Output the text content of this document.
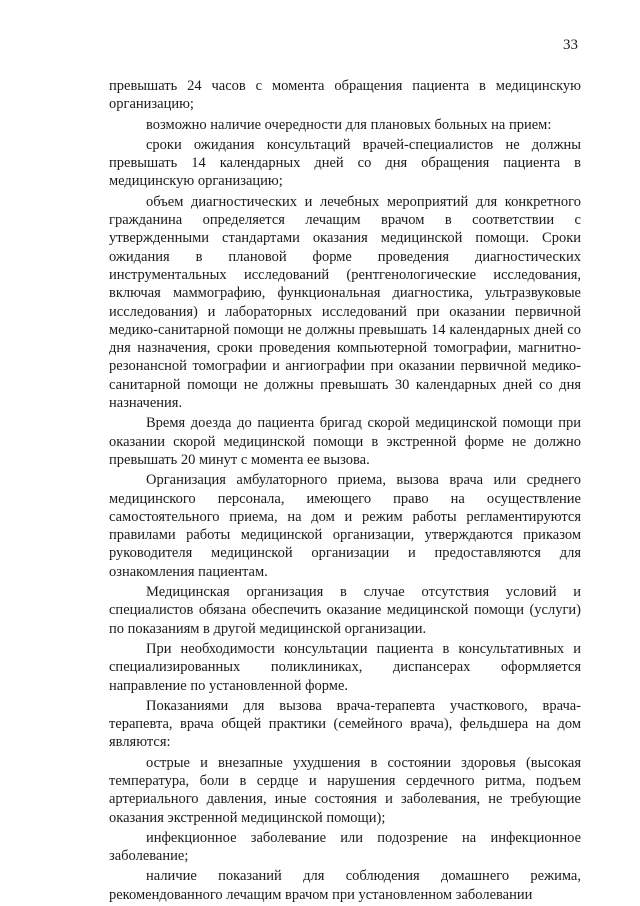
33

превышать 24 часов с момента обращения пациента в медицинскую организацию;

возможно наличие очередности для плановых больных на прием:

сроки ожидания консультаций врачей-специалистов не должны превышать 14 календарных дней со дня обращения пациента в медицинскую организацию;

объем диагностических и лечебных мероприятий для конкретного гражданина определяется лечащим врачом в соответствии с утвержденными стандартами оказания медицинской помощи. Сроки ожидания в плановой форме проведения диагностических инструментальных исследований (рентгенологические исследования, включая маммографию, функциональная диагностика, ультразвуковые исследования) и лабораторных исследований при оказании первичной медико-санитарной помощи не должны превышать 14 календарных дней со дня назначения, сроки проведения компьютерной томографии, магнитно-резонансной томографии и ангиографии при оказании первичной медико-санитарной помощи не должны превышать 30 календарных дней со дня назначения.

Время доезда до пациента бригад скорой медицинской помощи при оказании скорой медицинской помощи в экстренной форме не должно превышать 20 минут с момента ее вызова.

Организация амбулаторного приема, вызова врача или среднего медицинского персонала, имеющего право на осуществление самостоятельного приема, на дом и режим работы регламентируются правилами работы медицинской организации, утверждаются приказом руководителя медицинской организации и предоставляются для ознакомления пациентам.

Медицинская организация в случае отсутствия условий и специалистов обязана обеспечить оказание медицинской помощи (услуги) по показаниям в другой медицинской организации.

При необходимости консультации пациента в консультативных и специализированных поликлиниках, диспансерах оформляется направление по установленной форме.

Показаниями для вызова врача-терапевта участкового, врача-терапевта, врача общей практики (семейного врача), фельдшера на дом являются:

острые и внезапные ухудшения в состоянии здоровья (высокая температура, боли в сердце и нарушения сердечного ритма, подъем артериального давления, иные состояния и заболевания, не требующие оказания экстренной медицинской помощи);

инфекционное заболевание или подозрение на инфекционное заболевание;

наличие показаний для соблюдения домашнего режима, рекомендованного лечащим врачом при установленном заболевании
